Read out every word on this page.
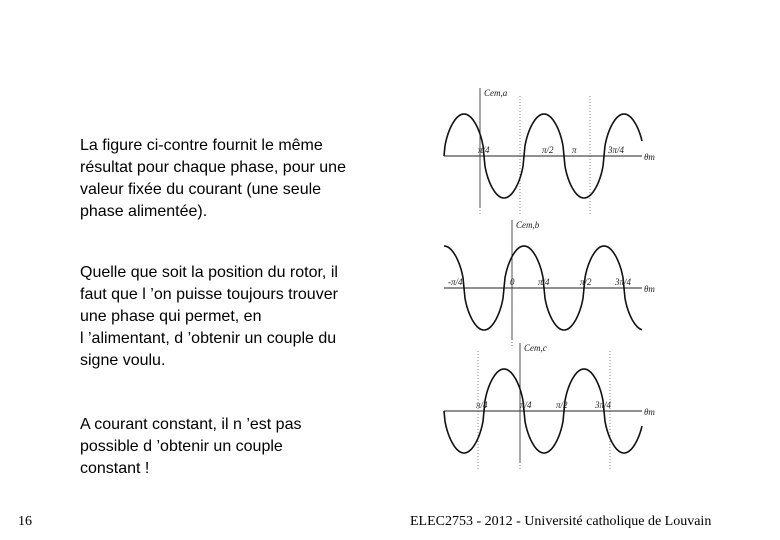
La figure ci-contre fournit le même
résultat pour chaque phase, pour une
valeur fixée du courant (une seule
phase alimentée).
Quelle que soit la position du rotor, il
faut que l ’on puisse toujours trouver
une phase qui permet, en
l ’alimentant, d ’obtenir un couple du
signe voulu.
A courant constant, il n ’est pas
possible d ’obtenir un couple
constant !
16	ELEC2753 - 2012 - Université catholique de Louvain
Cem,a
θm
π/4	π/2 π	3π/4
Cem,b
θm
-π/4	0	π/4	π/2	3π/4
Cem,c
θm
π/4	π/4	π/2	3π/4
